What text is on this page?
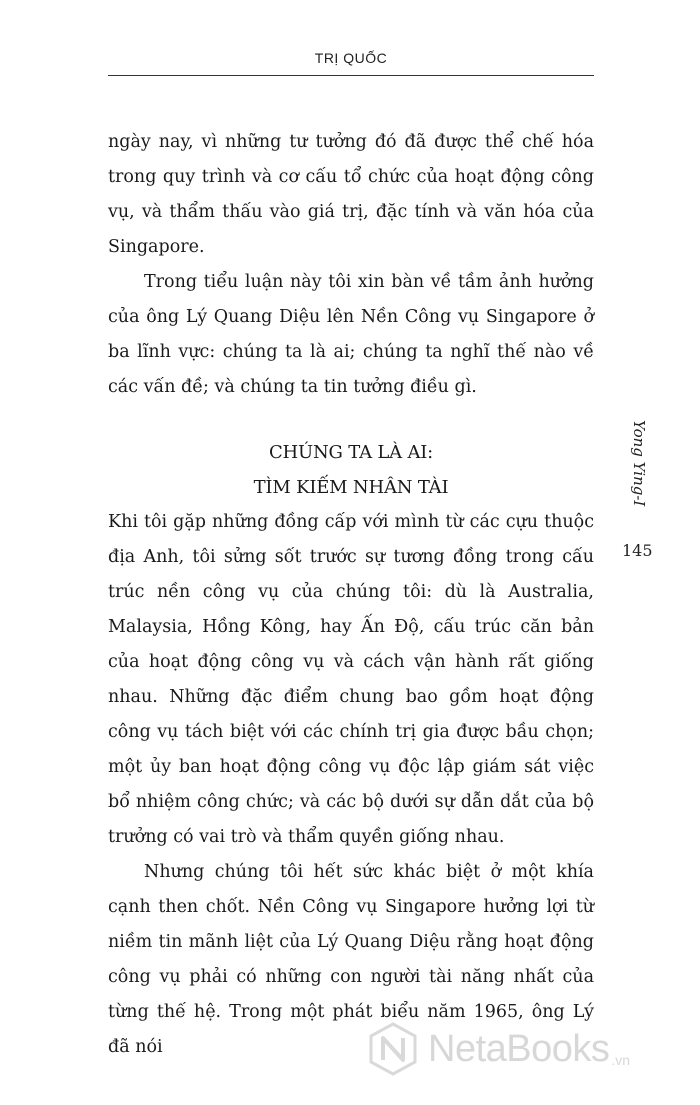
TRỊ QUỐC

ngày nay, vì những tư tưởng đó đã được thể chế hóa trong quy trình và cơ cấu tổ chức của hoạt động công vụ, và thẩm thấu vào giá trị, đặc tính và văn hóa của Singapore.

Trong tiểu luận này tôi xin bàn về tầm ảnh hưởng của ông Lý Quang Diệu lên Nền Công vụ Singapore ở ba lĩnh vực: chúng ta là ai; chúng ta nghĩ thế nào về các vấn đề; và chúng ta tin tưởng điều gì.

CHÚNG TA LÀ AI:
TÌM KIẾM NHÂN TÀI

Khi tôi gặp những đồng cấp với mình từ các cựu thuộc địa Anh, tôi sửng sốt trước sự tương đồng trong cấu trúc nền công vụ của chúng tôi: dù là Australia, Malaysia, Hồng Kông, hay Ấn Độ, cấu trúc căn bản của hoạt động công vụ và cách vận hành rất giống nhau. Những đặc điểm chung bao gồm hoạt động công vụ tách biệt với các chính trị gia được bầu chọn; một ủy ban hoạt động công vụ độc lập giám sát việc bổ nhiệm công chức; và các bộ dưới sự dẫn dắt của bộ trưởng có vai trò và thẩm quyền giống nhau.

Nhưng chúng tôi hết sức khác biệt ở một khía cạnh then chốt. Nền Công vụ Singapore hưởng lợi từ niềm tin mãnh liệt của Lý Quang Diệu rằng hoạt động công vụ phải có những con người tài năng nhất của từng thế hệ. Trong một phát biểu năm 1965, ông Lý đã nói

Yong Ying-I
145
NetaBooks .vn
